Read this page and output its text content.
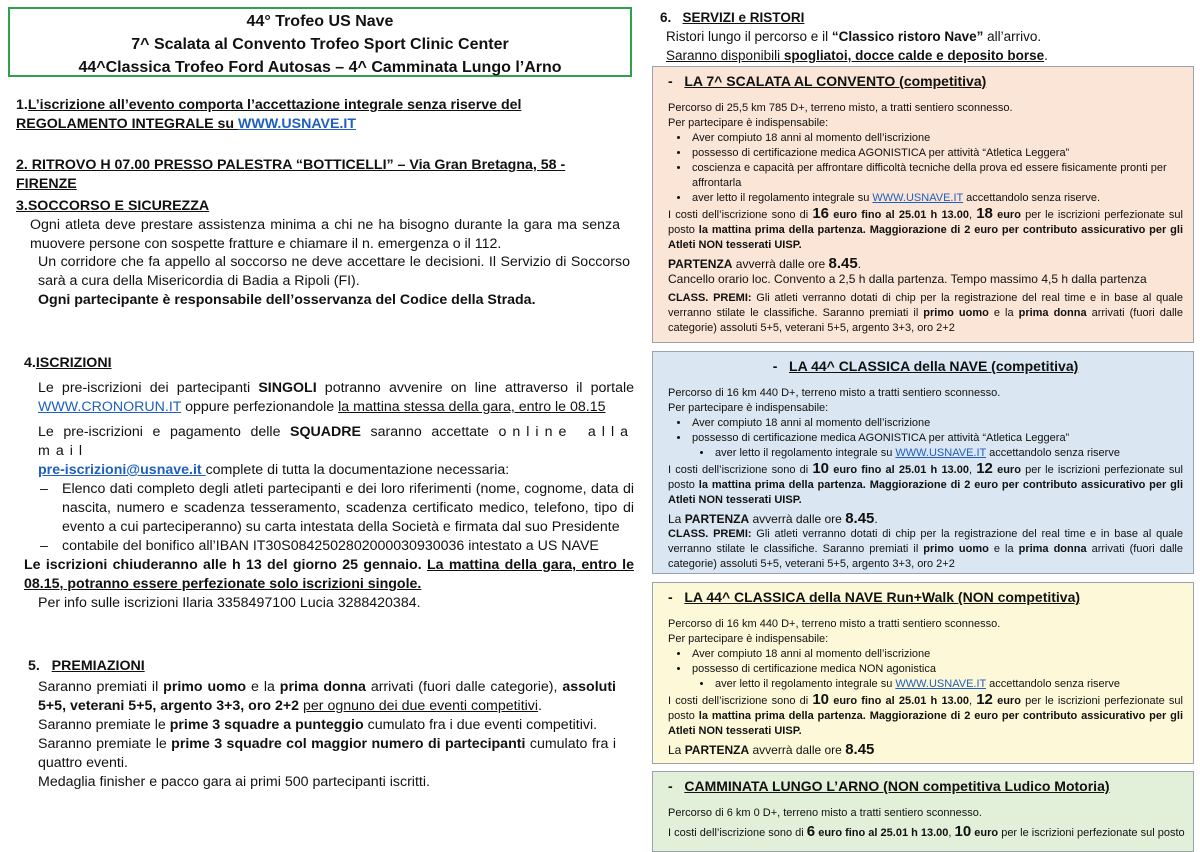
44° Trofeo US Nave
7^ Scalata al Convento Trofeo Sport Clinic Center
44^Classica Trofeo Ford Autosas – 4^ Camminata Lungo l’Arno
1.L’iscrizione all’evento comporta l’accettazione integrale senza riserve del
REGOLAMENTO INTEGRALE su WWW.USNAVE.IT
2. RITROVO H 07.00 PRESSO PALESTRA “BOTTICELLI” – Via Gran Bretagna, 58 - FIRENZE
3.SOCCORSO E SICUREZZA

Ogni atleta deve prestare assistenza minima a chi ne ha bisogno durante la gara ma senza muovere persone con sospette fratture e chiamare il n. emergenza o il 112.

Un corridore che fa appello al soccorso ne deve accettare le decisioni. Il Servizio di Soccorso sarà a cura della Misericordia di Badia a Ripoli (FI).

Ogni partecipante è responsabile dell’osservanza del Codice della Strada.

4.ISCRIZIONI

Le pre-iscrizioni dei partecipanti SINGOLI potranno avvenire on line attraverso il portale WWW.CRONORUN.IT oppure perfezionandole la mattina stessa della gara, entro le 08.15

Le pre-iscrizioni e pagamento delle SQUADRE saranno accettate online alla mail
pre-iscrizioni@usnave.it complete di tutta la documentazione necessaria:

– Elenco dati completo degli atleti partecipanti e dei loro riferimenti (nome, cognome, data di nascita, numero e scadenza tesseramento, scadenza certificato medico, telefono, tipo di evento a cui parteciperanno) su carta intestata della Società e firmata dal suo Presidente
– contabile del bonifico all’IBAN IT30S0842502802000030930036 intestato a US NAVE

Le iscrizioni chiuderanno alle h 13 del giorno 25 gennaio. La mattina della gara, entro le 08.15, potranno essere perfezionate solo iscrizioni singole.

Per info sulle iscrizioni Ilaria 3358497100 Lucia 3288420384.

5. PREMIAZIONI

Saranno premiati il primo uomo e la prima donna arrivati (fuori dalle categorie), assoluti 5+5, veterani 5+5, argento 3+3, oro 2+2 per ognuno dei due eventi competitivi.

Saranno premiate le prime 3 squadre a punteggio cumulato fra i due eventi competitivi.

Saranno premiate le prime 3 squadre col maggior numero di partecipanti cumulato fra i quattro eventi.

Medaglia finisher e pacco gara ai primi 500 partecipanti iscritti.

6. SERVIZI e RISTORI
Ristori lungo il percorso e il “Classico ristoro Nave” all’arrivo.
Saranno disponibili spogliatoi, docce calde e deposito borse.
-   LA 7^ SCALATA AL CONVENTO (competitiva)

Percorso di 25,5 km 785 D+, terreno misto, a tratti sentiero sconnesso.

Per partecipare è indispensabile:

• Aver compiuto 18 anni al momento dell’iscrizione
• possesso di certificazione medica AGONISTICA per attività “Atletica Leggera”
• coscienza e capacità per affrontare difficoltà tecniche della prova ed essere fisicamente pronti per affrontarla
• aver letto il regolamento integrale su WWW.USNAVE.IT accettandolo senza riserve.

I costi dell’iscrizione sono di 16 euro fino al 25.01 h 13.00, 18 euro per le iscrizioni perfezionate sul posto la mattina prima della partenza. Maggiorazione di 2 euro per contributo assicurativo per gli Atleti NON tesserati UISP.

PARTENZA avverrà dalle ore 8.45.

Cancello orario loc. Convento a 2,5 h dalla partenza. Tempo massimo 4,5 h dalla partenza

CLASS. PREMI: Gli atleti verranno dotati di chip per la registrazione del real time e in base al quale verranno stilate le classifiche. Saranno premiati il primo uomo e la prima donna arrivati (fuori dalle categorie) assoluti 5+5, veterani 5+5, argento 3+3, oro 2+2

-   LA 44^ CLASSICA della NAVE (competitiva)

Percorso di 16 km 440 D+, terreno misto a tratti sentiero sconnesso.

Per partecipare è indispensabile:

• Aver compiuto 18 anni al momento dell’iscrizione
• possesso di certificazione medica AGONISTICA per attività “Atletica Leggera”
• aver letto il regolamento integrale su WWW.USNAVE.IT accettandolo senza riserve

I costi dell’iscrizione sono di 10 euro fino al 25.01 h 13.00, 12 euro per le iscrizioni perfezionate sul posto la mattina prima della partenza. Maggiorazione di 2 euro per contributo assicurativo per gli Atleti NON tesserati UISP.

La PARTENZA avverrà dalle ore 8.45.

CLASS. PREMI: Gli atleti verranno dotati di chip per la registrazione del real time e in base al quale verranno stilate le classifiche. Saranno premiati il primo uomo e la prima donna arrivati (fuori dalle categorie) assoluti 5+5, veterani 5+5, argento 3+3, oro 2+2

-   LA 44^ CLASSICA della NAVE Run+Walk (NON competitiva)

Percorso di 16 km 440 D+, terreno misto a tratti sentiero sconnesso.

Per partecipare è indispensabile:

• Aver compiuto 18 anni al momento dell’iscrizione
• possesso di certificazione medica NON agonistica
• aver letto il regolamento integrale su WWW.USNAVE.IT accettandolo senza riserve

I costi dell’iscrizione sono di 10 euro fino al 25.01 h 13.00, 12 euro per le iscrizioni perfezionate sul posto la mattina prima della partenza. Maggiorazione di 2 euro per contributo assicurativo per gli Atleti NON tesserati UISP.

La PARTENZA avverrà dalle ore 8.45

-   CAMMINATA LUNGO L’ARNO (NON competitiva Ludico Motoria)

Percorso di 6 km 0 D+, terreno misto a tratti sentiero sconnesso.

I costi dell’iscrizione sono di 6 euro fino al 25.01 h 13.00, 10 euro per le iscrizioni perfezionate sul posto
